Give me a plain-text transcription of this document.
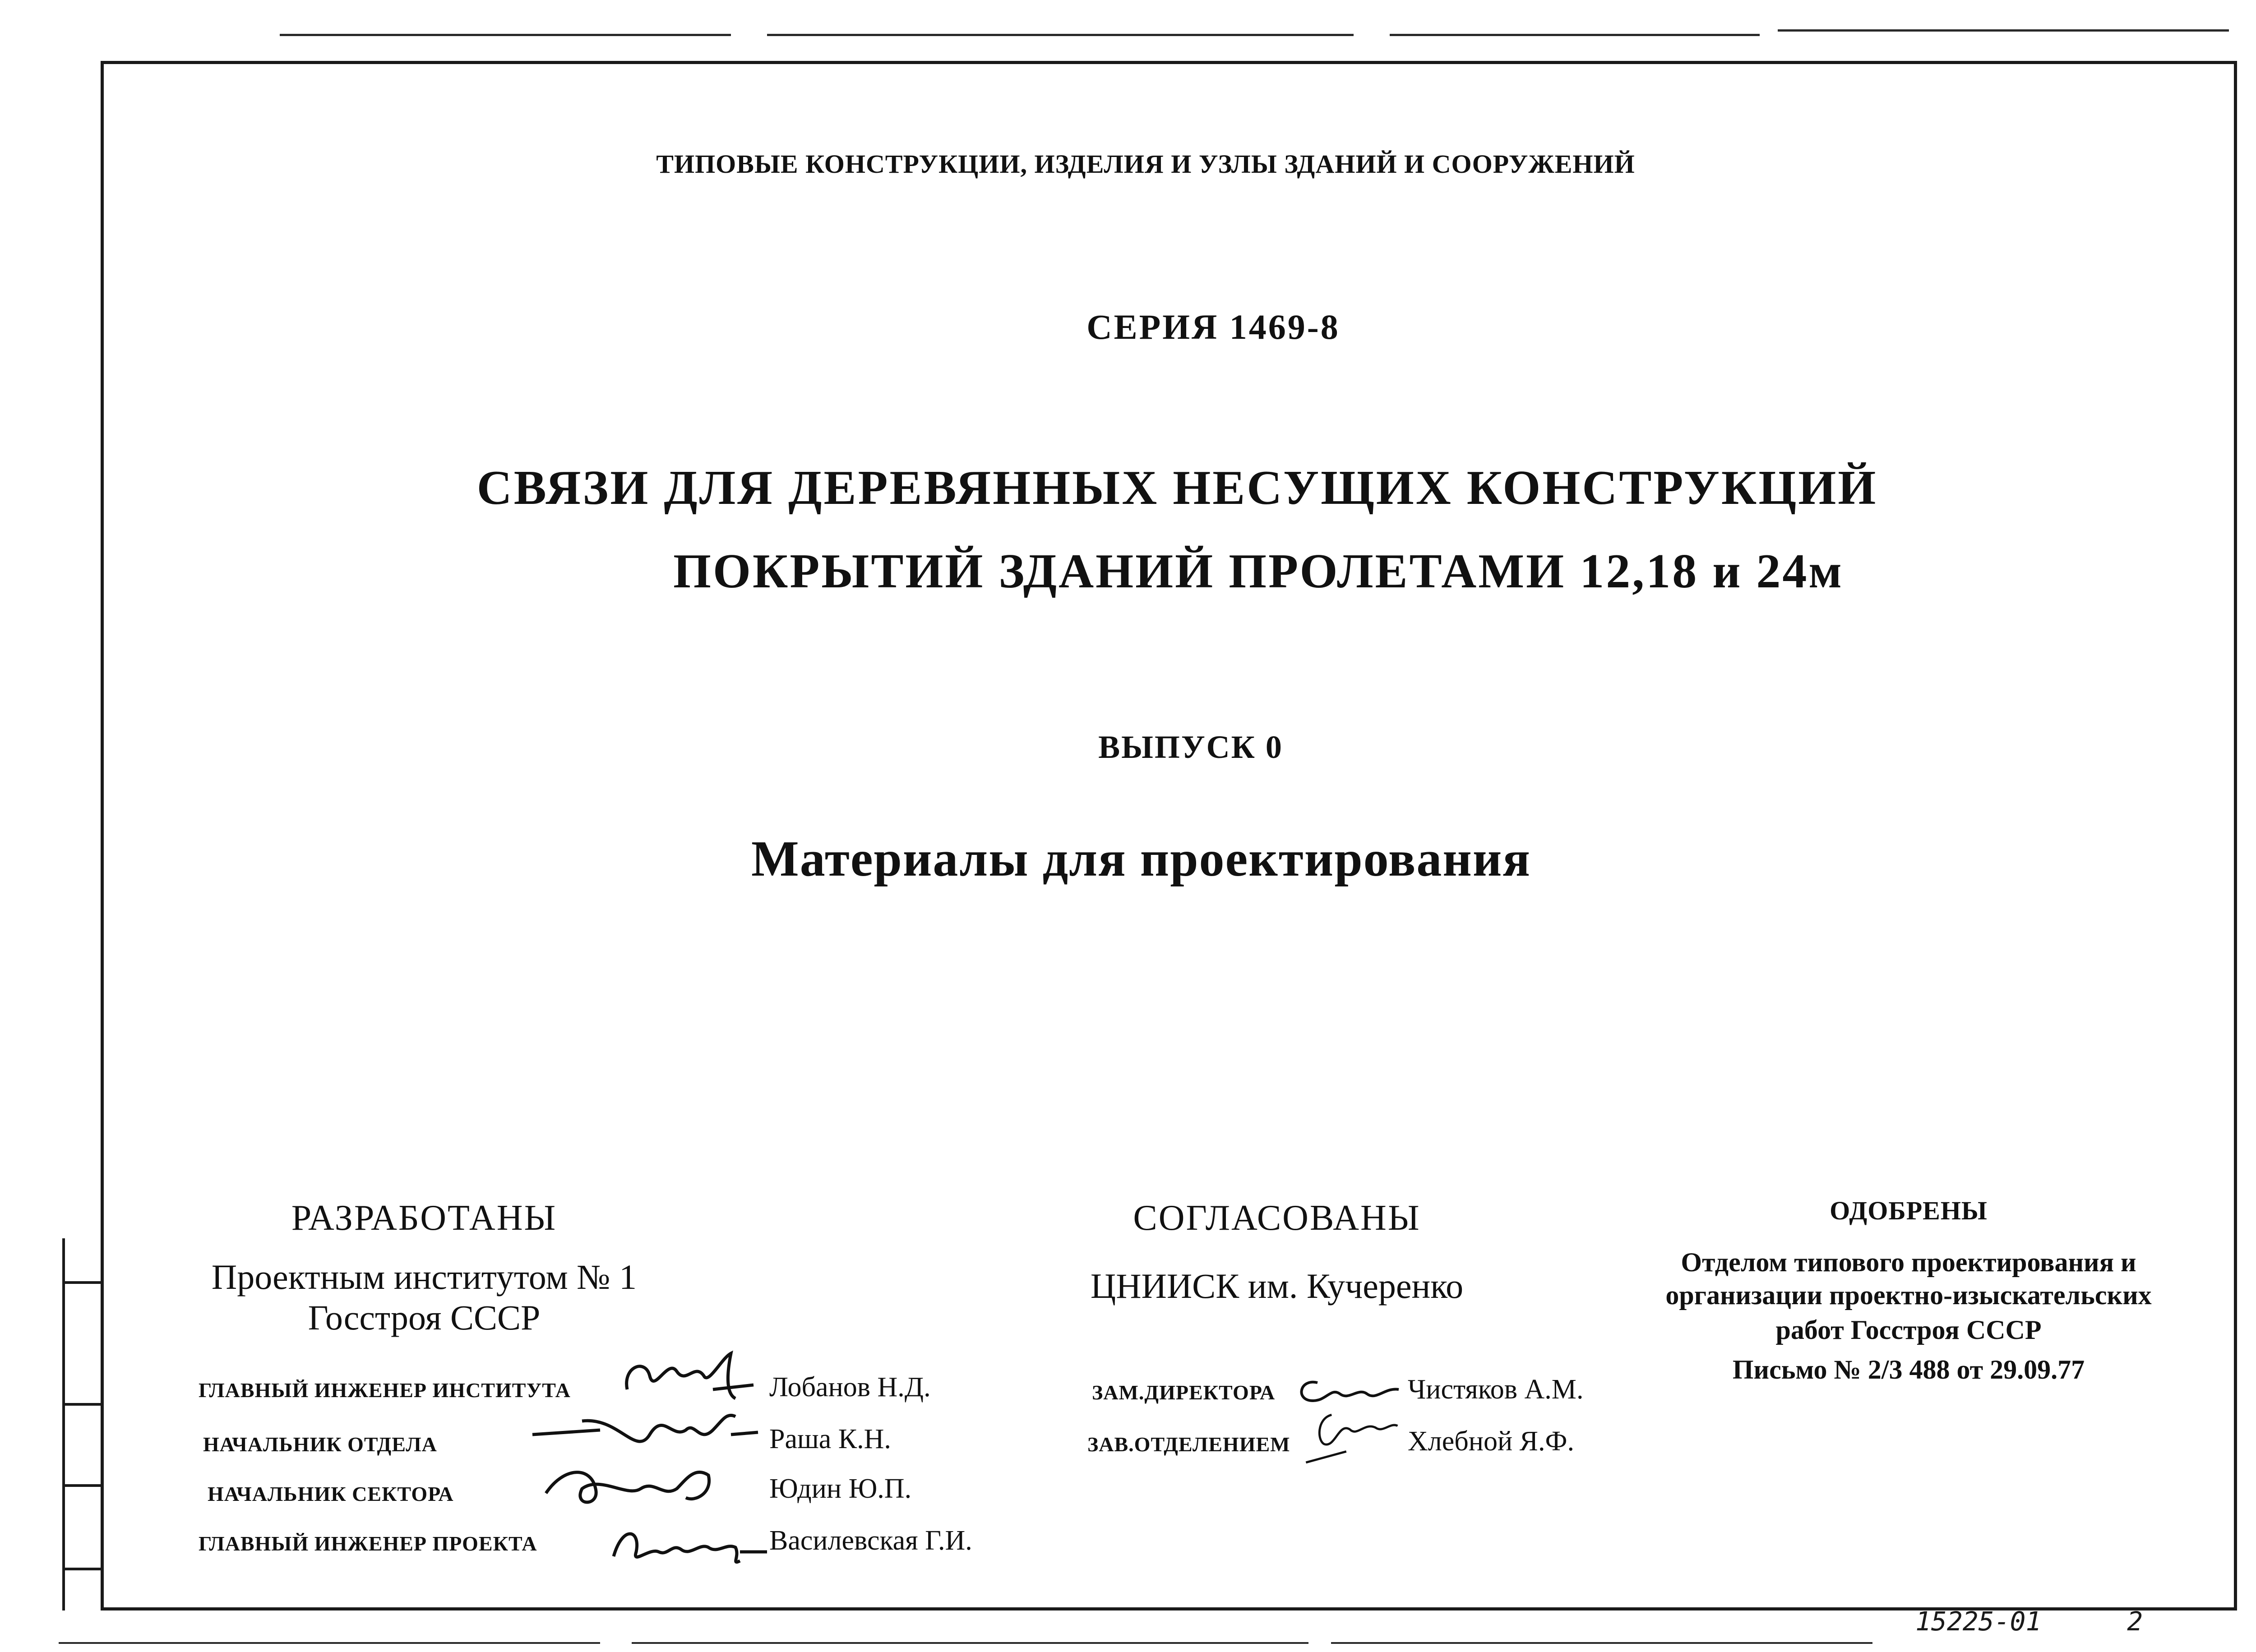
ТИПОВЫЕ КОНСТРУКЦИИ, ИЗДЕЛИЯ И УЗЛЫ ЗДАНИЙ И СООРУЖЕНИЙ
СЕРИЯ 1469-8
СВЯЗИ ДЛЯ ДЕРЕВЯННЫХ НЕСУЩИХ КОНСТРУКЦИЙ
ПОКРЫТИЙ ЗДАНИЙ ПРОЛЕТАМИ 12,18 и 24м
ВЫПУСК 0
Материалы для проектирования
РАЗРАБОТАНЫ
Проектным институтом № 1
Госстроя СССР
ГЛАВНЫЙ ИНЖЕНЕР ИНСТИТУТА
НАЧАЛЬНИК ОТДЕЛА
НАЧАЛЬНИК СЕКТОРА
ГЛАВНЫЙ ИНЖЕНЕР ПРОЕКТА
Лобанов Н.Д.
Раша К.Н.
Юдин Ю.П.
Василевская Г.И.
СОГЛАСОВАНЫ
ЦНИИСК им. Кучеренко
ЗАМ.ДИРЕКТОРА
ЗАВ.ОТДЕЛЕНИЕМ
Чистяков А.М.
Хлебной Я.Ф.
ОДОБРЕНЫ
Отделом типового проектирования и
организации проектно-изыскательских
работ Госстроя СССР
Письмо № 2/3 488 от 29.09.77
15225-01	2
